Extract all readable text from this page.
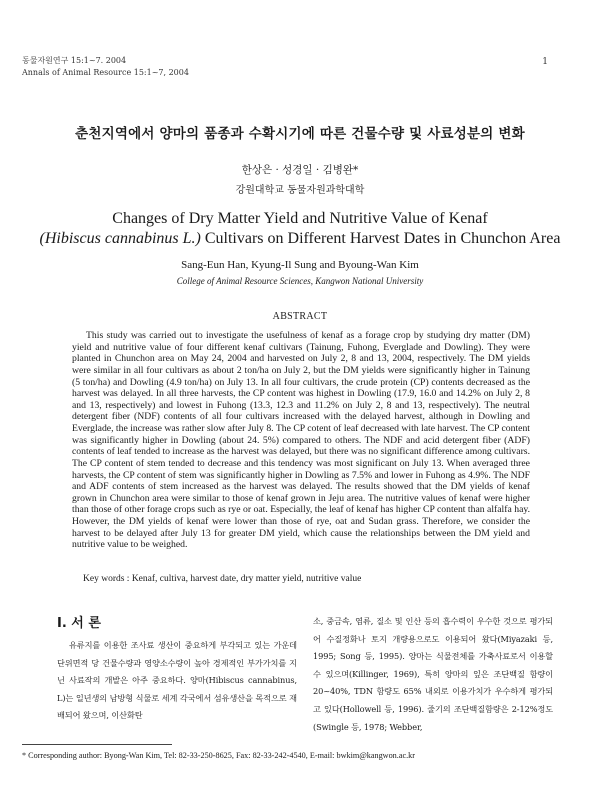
동물자원연구 15:1~7. 2004
Annals of Animal Resource 15:1~7, 2004
1
춘천지역에서 양마의 품종과 수확시기에 따른 건물수량 및 사료성분의 변화
한상은 · 성경일 · 김병완*
강원대학교 동물자원과학대학
Changes of Dry Matter Yield and Nutritive Value of Kenaf
(Hibiscus cannabinus L.) Cultivars on Different Harvest Dates in Chunchon Area
Sang-Eun Han, Kyung-Il Sung and Byoung-Wan Kim
College of Animal Resource Sciences, Kangwon National University
ABSTRACT

This study was carried out to investigate the usefulness of kenaf as a forage crop by studying dry matter (DM) yield and nutritive value of four different kenaf cultivars (Tainung, Fuhong, Everglade and Dowling). They were planted in Chunchon area on May 24, 2004 and harvested on July 2, 8 and 13, 2004, respectively. The DM yields were similar in all four cultivars as about 2 ton/ha on July 2, but the DM yields were significantly higher in Tainung (5 ton/ha) and Dowling (4.9 ton/ha) on July 13. In all four cultivars, the crude protein (CP) contents decreased as the harvest was delayed. In all three harvests, the CP content was highest in Dowling (17.9, 16.0 and 14.2% on July 2, 8 and 13, respectively) and lowest in Fuhong (13.3, 12.3 and 11.2% on July 2, 8 and 13, respectively). The neutral detergent fiber (NDF) contents of all four cultivars increased with the delayed harvest, although in Dowling and Everglade, the increase was rather slow after July 8. The CP cotent of leaf decreased with late harvest. The CP content was significantly higher in Dowling (about 24. 5%) compared to others. The NDF and acid detergent fiber (ADF) contents of leaf tended to increase as the harvest was delayed, but there was no significant difference among cultivars. The CP content of stem tended to decrease and this tendency was most significant on July 13. When averaged three harvests, the CP content of stem was significantly higher in Dowling as 7.5% and lower in Fuhong as 4.9%. The NDF and ADF contents of stem increased as the harvest was delayed. The results showed that the DM yields of kenaf grown in Chunchon area were similar to those of kenaf grown in Jeju area. The nutritive values of kenaf were higher than those of other forage crops such as rye or oat. Especially, the leaf of kenaf has higher CP content than alfalfa hay. However, the DM yields of kenaf were lower than those of rye, oat and Sudan grass. Therefore, we consider the harvest to be delayed after July 13 for greater DM yield, which cause the relationships between the DM yield and nutritive value to be weighed.

Key words : Kenaf, cultiva, harvest date, dry matter yield, nutritive value
Ⅰ. 서 론

유류지를 이용한 조사료 생산이 중요하게 부각되고 있는 가운데 단위면적 당 건물수량과 영양소수량이 높아 경제적인 부가가치를 지닌 사료작의 개발은 아주 중요하다. 양마(Hibiscus cannabinus, L)는 일년생의 남방형 식물로 세계 각국에서 섬유생산을 목적으로 재배되어 왔으며, 이산화탄

소, 중금속, 염류, 질소 및 인산 등의 흡수력이 우수한 것으로 평가되어 수질정화나 토지 개량용으로도 이용되어 왔다(Miyazaki 등, 1995; Song 등, 1995). 양마는 식물전체를 가축사료로서 이용할 수 있으며(Killinger, 1969), 특히 양마의 잎은 조단백질 함량이 20~40%, TDN 함량도 65% 내외로 이용가치가 우수하게 평가되고 있다(Hollowell 등, 1996). 줄기의 조단백질함량은 2-12%정도(Swingle 등, 1978; Webber,

* Corresponding author: Byong-Wan Kim, Tel: 82-33-250-8625, Fax: 82-33-242-4540, E-mail: bwkim@kangwon.ac.kr
